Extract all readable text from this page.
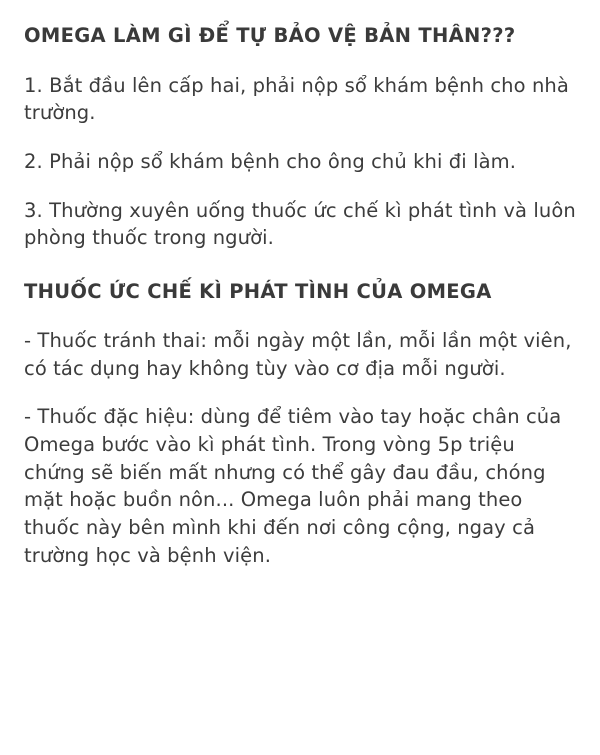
OMEGA LÀM GÌ ĐỂ TỰ BẢO VỆ BẢN THÂN???

1. Bắt đầu lên cấp hai, phải nộp sổ khám bệnh cho nhà trường.

2. Phải nộp sổ khám bệnh cho ông chủ khi đi làm.

3. Thường xuyên uống thuốc ức chế kì phát tình và luôn phòng thuốc trong người.

THUỐC ỨC CHẾ KÌ PHÁT TÌNH CỦA OMEGA

- Thuốc tránh thai: mỗi ngày một lần, mỗi lần một viên, có tác dụng hay không tùy vào cơ địa mỗi người.

- Thuốc đặc hiệu: dùng để tiêm vào tay hoặc chân của Omega bước vào kì phát tình. Trong vòng 5p triệu chứng sẽ biến mất nhưng có thể gây đau đầu, chóng mặt hoặc buồn nôn... Omega luôn phải mang theo thuốc này bên mình khi đến nơi công cộng, ngay cả trường học và bệnh viện.
